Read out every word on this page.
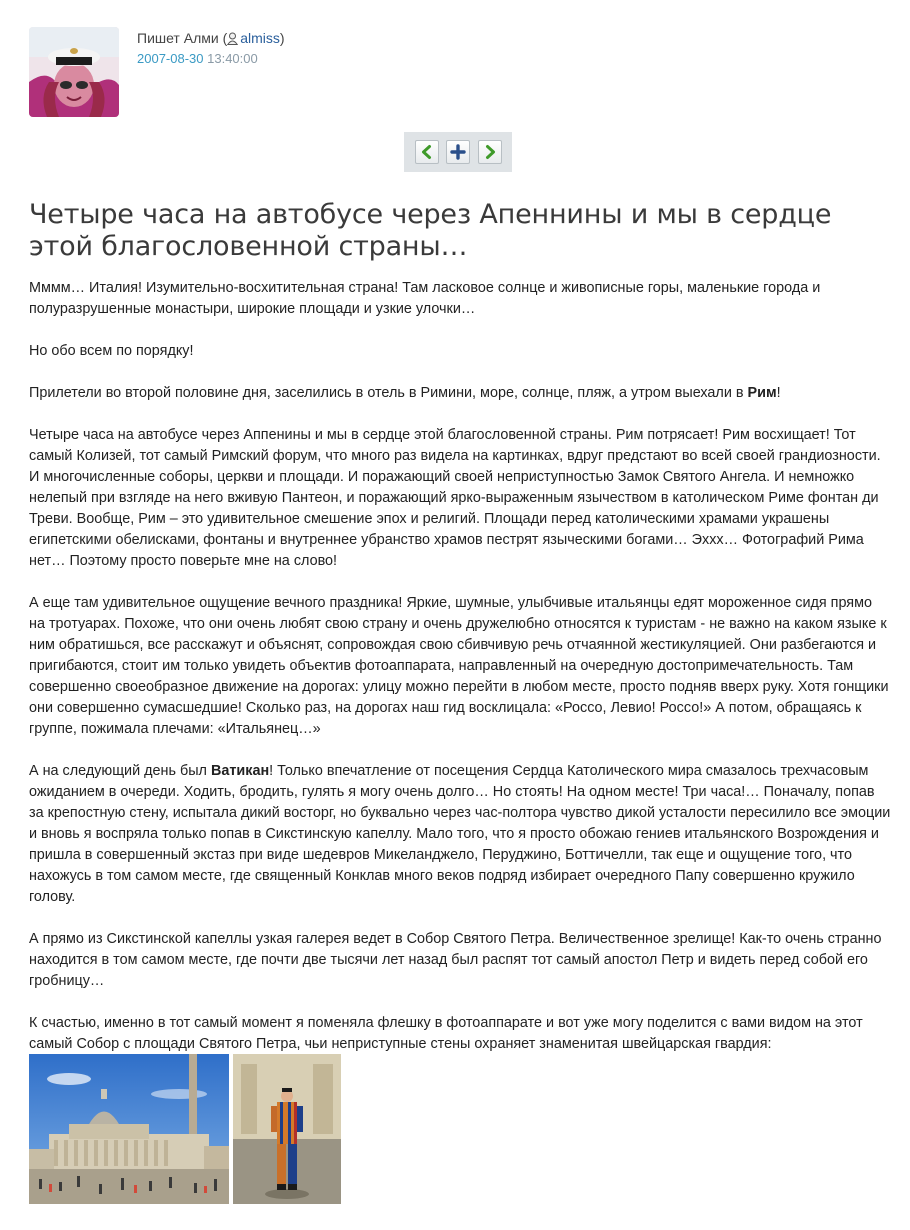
Пишет Алми ( almiss)
2007-08-30 13:40:00
Четыре часа на автобусе через Апеннины и мы в сердце этой благословенной страны…

Мммм… Италия! Изумительно-восхитительная страна! Там ласковое солнце и живописные горы, маленькие города и полуразрушенные монастыри, широкие площади и узкие улочки…

Но обо всем по порядку!

Прилетели во второй половине дня, заселились в отель в Римини, море, солнце, пляж, а утром выехали в Рим!

Четыре часа на автобусе через Аппенины и мы в сердце этой благословенной страны. Рим потрясает! Рим восхищает! Тот самый Колизей, тот самый Римский форум, что много раз видела на картинках, вдруг предстают во всей своей грандиозности. И многочисленные соборы, церкви и площади. И поражающий своей неприступностью Замок Святого Ангела. И немножко нелепый при взгляде на него вживую Пантеон, и поражающий ярко-выраженным язычеством в католическом Риме фонтан ди Треви. Вообще, Рим – это удивительное смешение эпох и религий. Площади перед католическими храмами украшены египетскими обелисками, фонтаны и внутреннее убранство храмов пестрят языческими богами… Эххх… Фотографий Рима нет… Поэтому просто поверьте мне на слово!

А еще там удивительное ощущение вечного праздника! Яркие, шумные, улыбчивые итальянцы едят мороженное сидя прямо на тротуарах. Похоже, что они очень любят свою страну и очень дружелюбно относятся к туристам - не важно на каком языке к ним обратишься, все расскажут и объяснят, сопровождая свою сбивчивую речь отчаянной жестикуляцией. Они разбегаются и пригибаются, стоит им только увидеть объектив фотоаппарата, направленный на очередную достопримечательность. Там совершенно своеобразное движение на дорогах: улицу можно перейти в любом месте, просто подняв вверх руку. Хотя гонщики они совершенно сумасшедшие! Сколько раз, на дорогах наш гид восклицала: «Россо, Левио! Россо!» А потом, обращаясь к группе, пожимала плечами: «Итальянец…»

А на следующий день был Ватикан! Только впечатление от посещения Сердца Католического мира смазалось трехчасовым ожиданием в очереди. Ходить, бродить, гулять я могу очень долго… Но стоять! На одном месте! Три часа!… Поначалу, попав за крепостную стену, испытала дикий восторг, но буквально через час-полтора чувство дикой усталости пересилило все эмоции и вновь я воспряла только попав в Сикстинскую капеллу. Мало того, что я просто обожаю гениев итальянского Возрождения и пришла в совершенный экстаз при виде шедевров Микеланджело, Перуджино, Боттичелли, так еще и ощущение того, что нахожусь в том самом месте, где священный Конклав много веков подряд избирает очередного Папу совершенно кружило голову.

А прямо из Сикстинской капеллы узкая галерея ведет в Собор Святого Петра. Величественное зрелище! Как-то очень странно находится в том самом месте, где почти две тысячи лет назад был распят тот самый апостол Петр и видеть перед собой его гробницу…

К счастью, именно в тот самый момент я поменяла флешку в фотоаппарате и вот уже могу поделится с вами видом на этот самый Собор с площади Святого Петра, чьи неприступные стены охраняет знаменитая швейцарская гвардия:
